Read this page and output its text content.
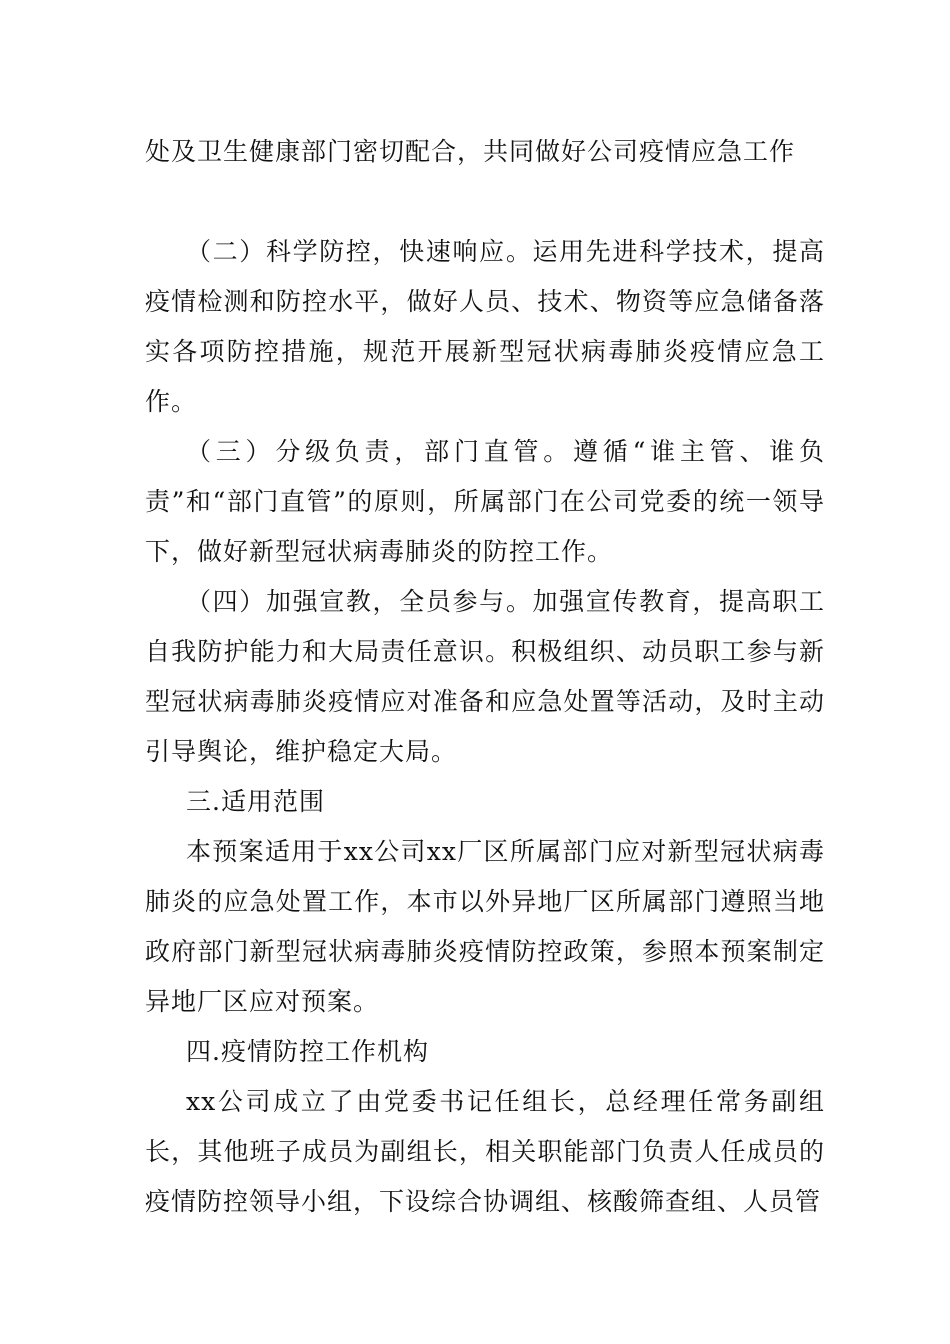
处及卫生健康部门密切配合，共同做好公司疫情应急工作

（二）科学防控，快速响应。运用先进科学技术，提高疫情检测和防控水平，做好人员、技术、物资等应急储备落实各项防控措施，规范开展新型冠状病毒肺炎疫情应急工作。

（三）分级负责，部门直管。遵循“谁主管、谁负责”和“部门直管”的原则，所属部门在公司党委的统一领导下，做好新型冠状病毒肺炎的防控工作。

（四）加强宣教，全员参与。加强宣传教育，提高职工自我防护能力和大局责任意识。积极组织、动员职工参与新型冠状病毒肺炎疫情应对准备和应急处置等活动，及时主动引导舆论，维护稳定大局。

三.适用范围

本预案适用于xx公司xx厂区所属部门应对新型冠状病毒肺炎的应急处置工作，本市以外异地厂区所属部门遵照当地政府部门新型冠状病毒肺炎疫情防控政策，参照本预案制定异地厂区应对预案。

四.疫情防控工作机构

xx公司成立了由党委书记任组长，总经理任常务副组长，其他班子成员为副组长，相关职能部门负责人任成员的疫情防控领导小组，下设综合协调组、核酸筛查组、人员管
